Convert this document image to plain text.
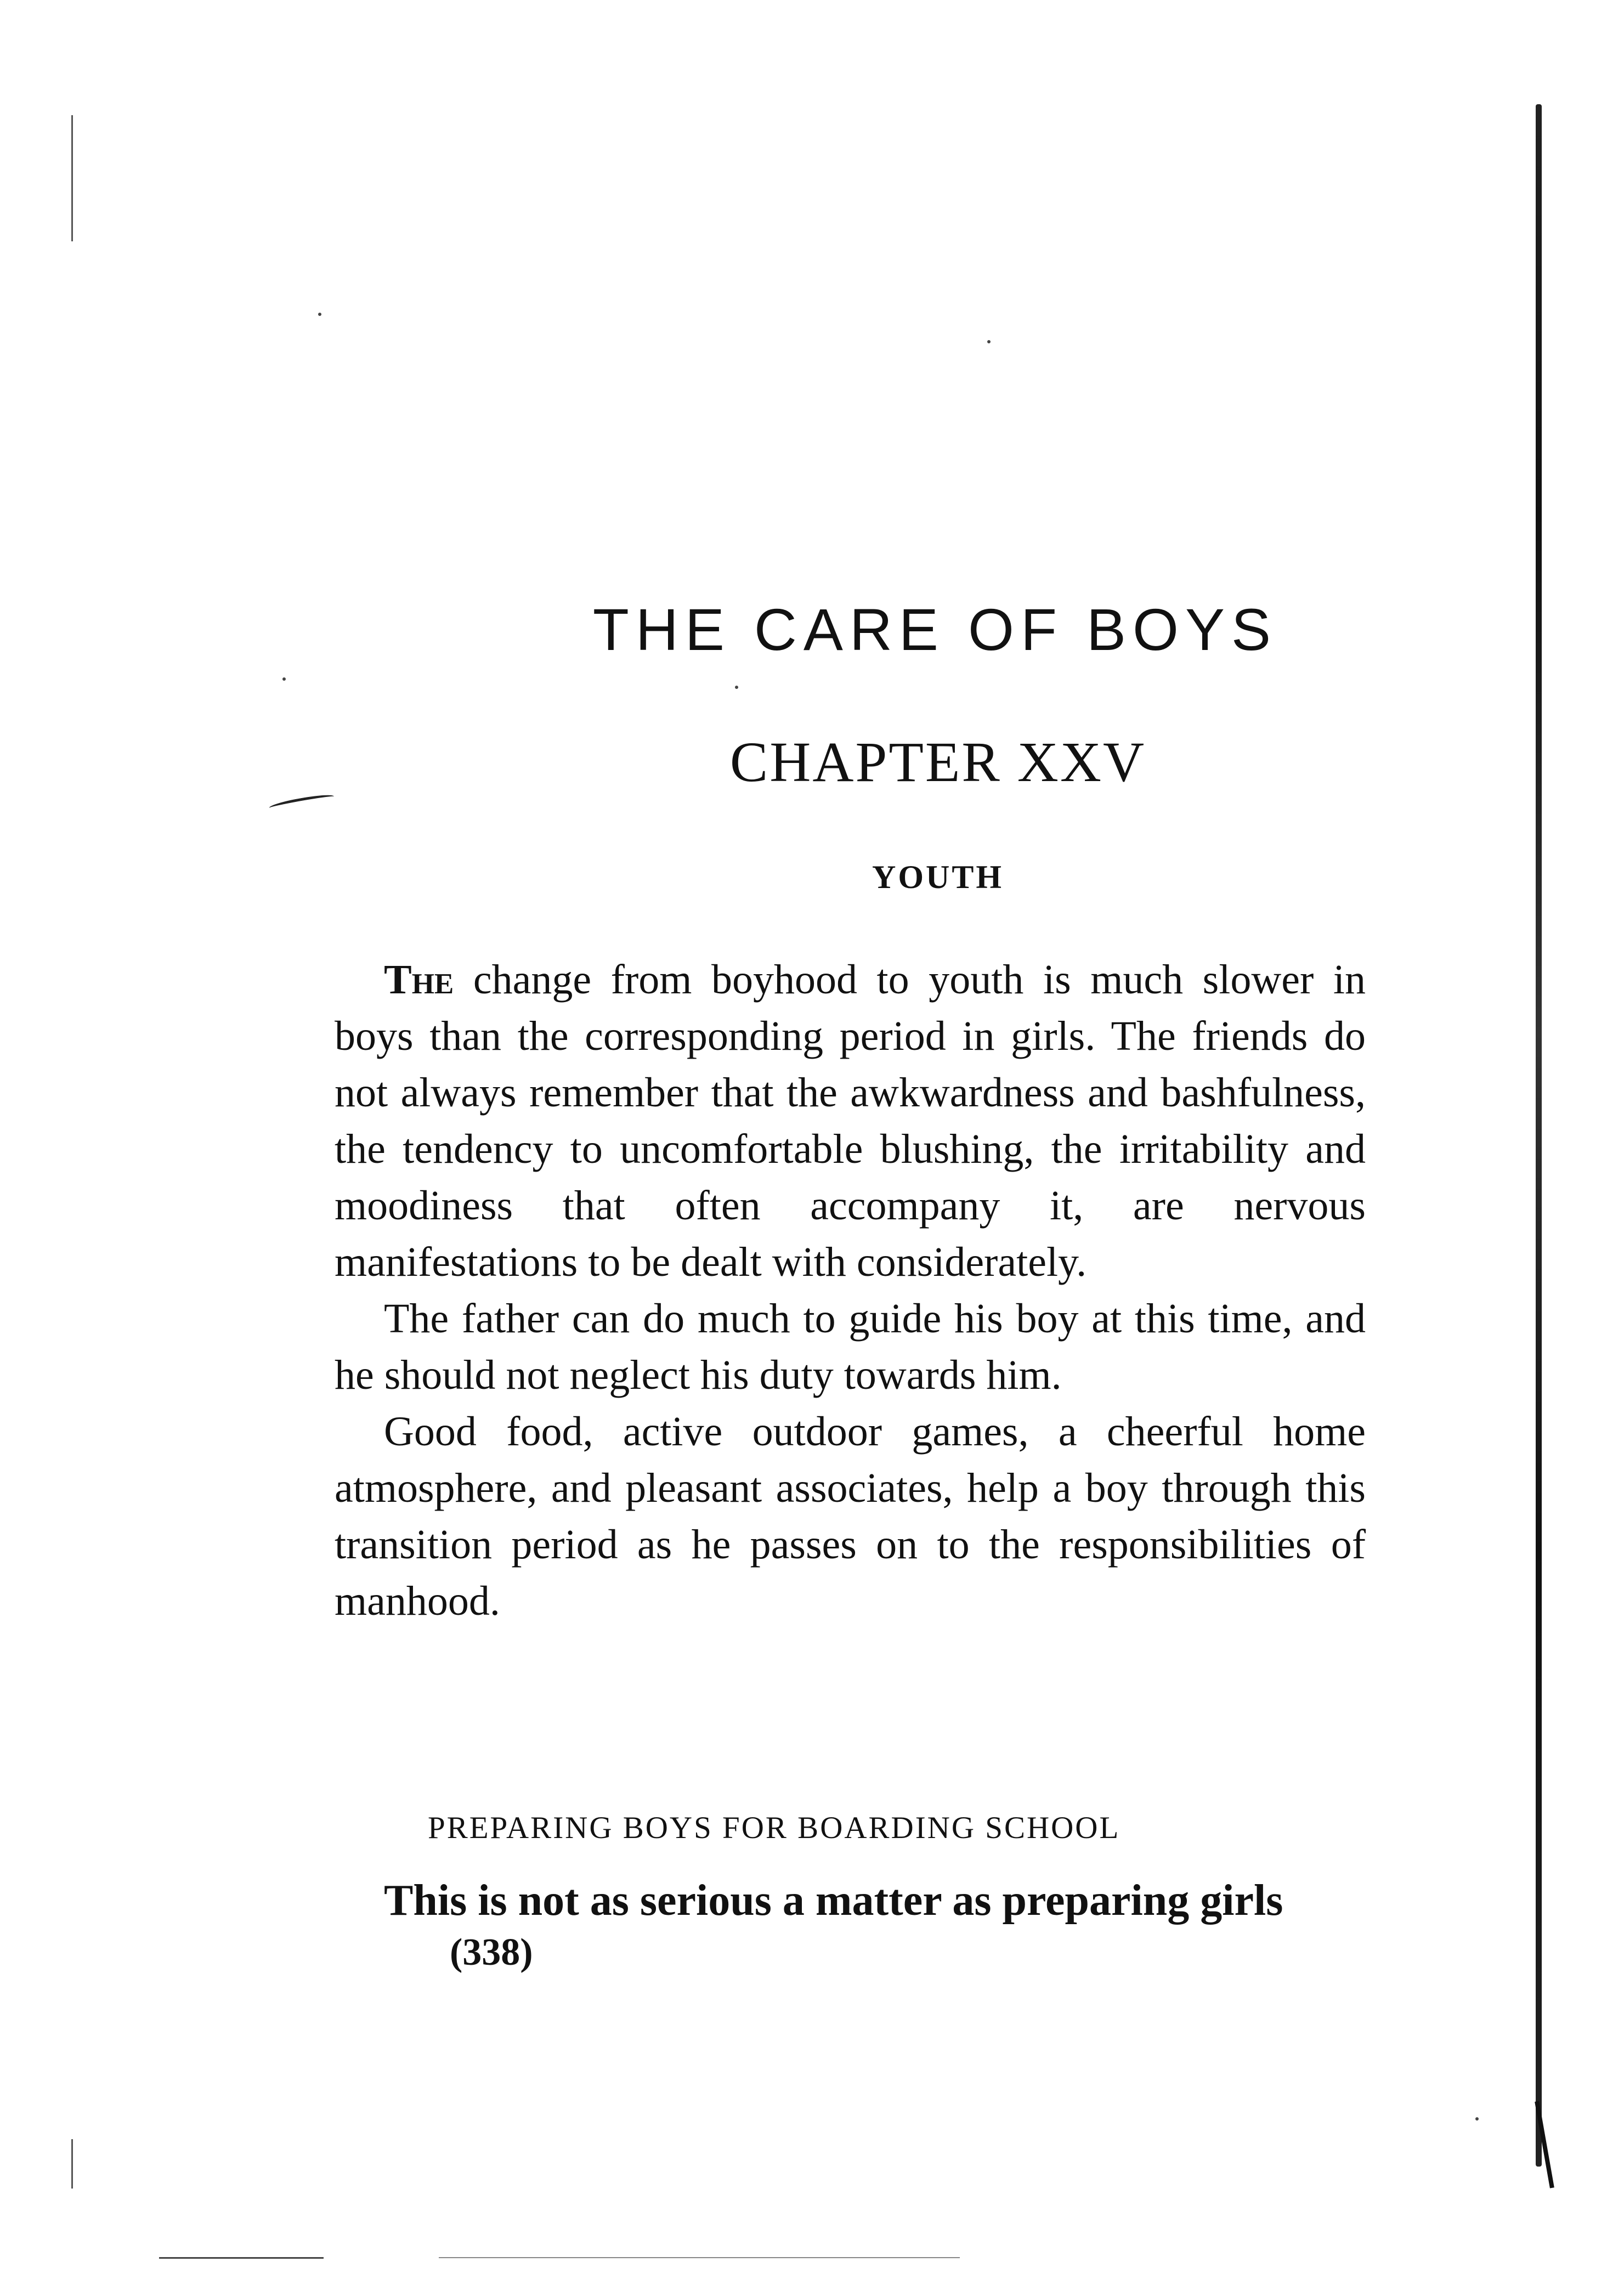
THE CARE OF BOYS
CHAPTER XXV
YOUTH

The change from boyhood to youth is much slower in boys than the corresponding period in girls. The friends do not always remember that the awkwardness and bashfulness, the tendency to uncomfortable blushing, the irritability and moodiness that often accompany it, are nervous manifestations to be dealt with considerately.

The father can do much to guide his boy at this time, and he should not neglect his duty towards him.

Good food, active outdoor games, a cheerful home atmosphere, and pleasant associates, help a boy through this transition period as he passes on to the responsibilities of manhood.

PREPARING BOYS FOR BOARDING SCHOOL

This is not as serious a matter as preparing girls

(338)
